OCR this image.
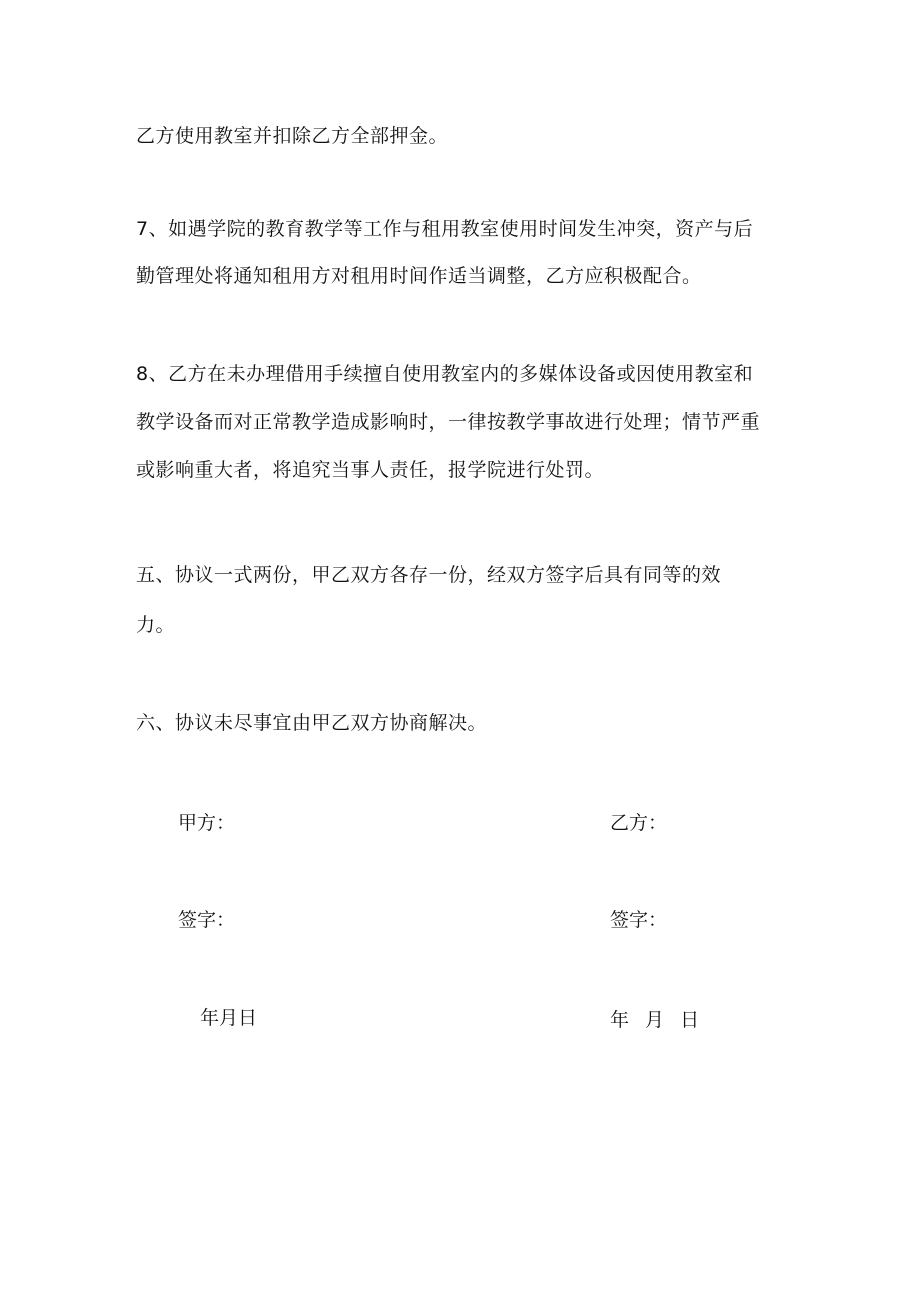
乙方使用教室并扣除乙方全部押金。
7、如遇学院的教育教学等工作与租用教室使用时间发生冲突，资产与后
勤管理处将通知租用方对租用时间作适当调整，乙方应积极配合。
8、乙方在未办理借用手续擅自使用教室内的多媒体设备或因使用教室和
教学设备而对正常教学造成影响时，一律按教学事故进行处理；情节严重
或影响重大者，将追究当事人责任，报学院进行处罚。
五、协议一式两份，甲乙双方各存一份，经双方签字后具有同等的效
力。
六、协议未尽事宜由甲乙双方协商解决。
甲方：	乙方：
签字：	签字：
年月日	年 月 日
